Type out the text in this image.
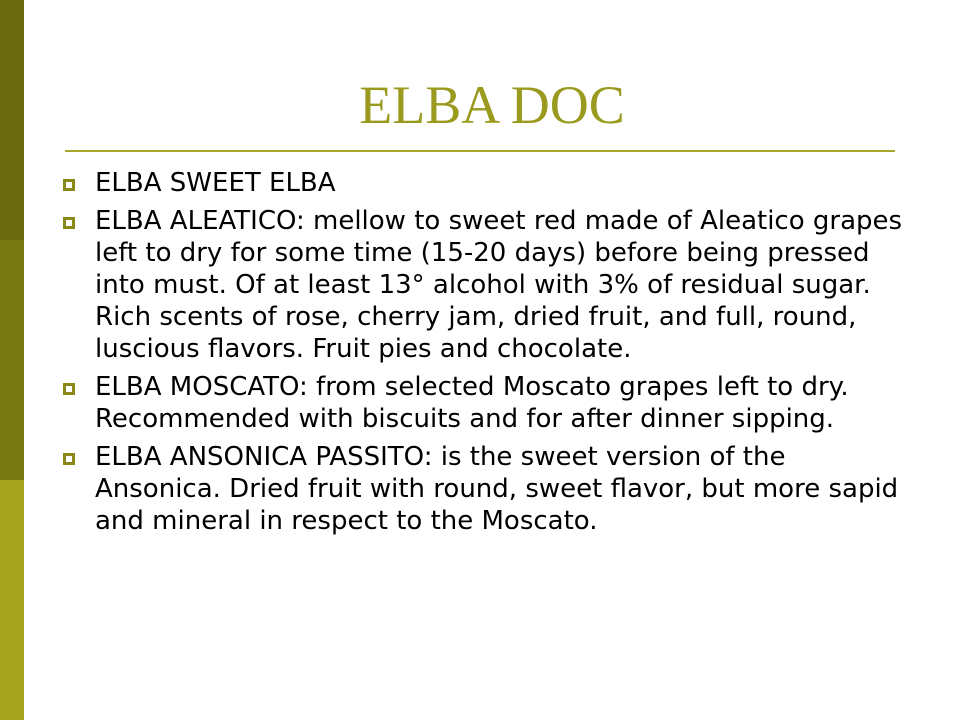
ELBA DOC
ELBA SWEET ELBA
ELBA ALEATICO: mellow to sweet red made of Aleatico grapes left to dry for some time (15-20 days) before being pressed into must. Of at least 13° alcohol with 3% of residual sugar. Rich scents of rose, cherry jam, dried fruit, and full, round, luscious flavors. Fruit pies and chocolate.
ELBA MOSCATO: from selected Moscato grapes left to dry. Recommended with biscuits and for after dinner sipping.
ELBA ANSONICA PASSITO: is the sweet version of the Ansonica. Dried fruit with round, sweet flavor, but more sapid and mineral in respect to the Moscato.
